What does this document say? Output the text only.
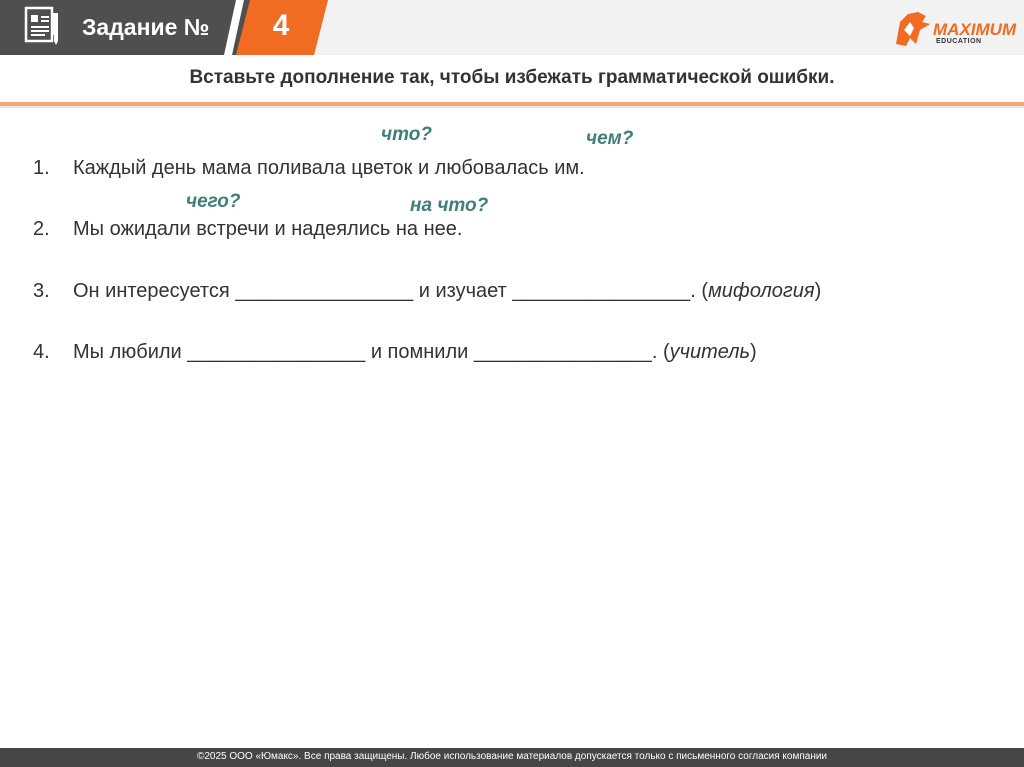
Задание №	4	MAXIMUM
EDUCATION
Вставьте дополнение так, чтобы избежать грамматической ошибки.
что?	чем?
чего?	на что?
1. Каждый день мама поливала цветок и любовалась им.
2. Мы ожидали встречи и надеялись на нее.
3. Он интересуется ________________ и изучает ________________. (мифология)
4. Мы любили ________________ и помнили ________________. (учитель)
©2025 ООО «Юмакс». Все права защищены. Любое использование материалов допускается только с письменного согласия компании
